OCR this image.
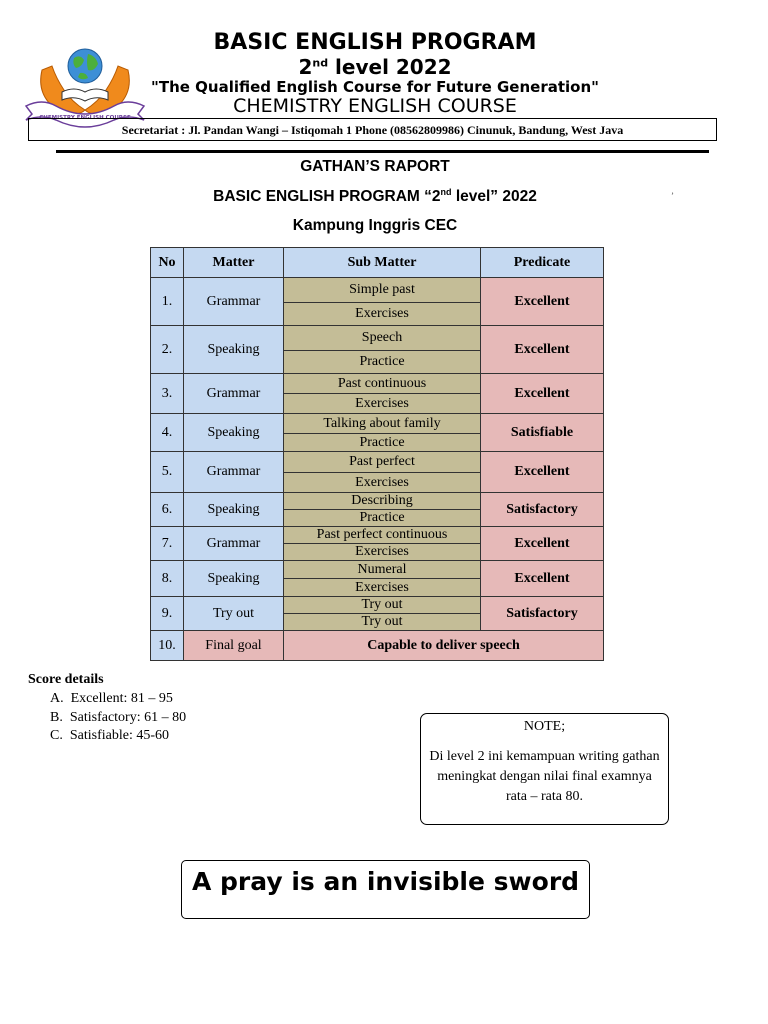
CHEMISTRY ENGLISH COURSE
BASIC ENGLISH PROGRAM
2nd level 2022
"The Qualified English Course for Future Generation"
CHEMISTRY ENGLISH COURSE
Secretariat : Jl. Pandan Wangi – Istiqomah 1 Phone (08562809986) Cinunuk, Bandung, West Java
GATHAN’S RAPORT
BASIC ENGLISH PROGRAM “2nd level” 2022
Kampung Inggris CEC
’
No	Matter	Sub Matter	Predicate
1.	Grammar	Simple past	Excellent
		Exercises	
2.	Speaking	Speech	Excellent
		Practice	
3.	Grammar	Past continuous	Excellent
		Exercises	
4.	Speaking	Talking about family	Satisfiable
		Practice	
5.	Grammar	Past perfect	Excellent
		Exercises	
6.	Speaking	Describing	Satisfactory
		Practice	
7.	Grammar	Past perfect continuous	Excellent
		Exercises	
8.	Speaking	Numeral	Excellent
		Exercises	
9.	Try out	Try out	Satisfactory
		Try out	
10.	Final goal	Capable to deliver speech	
Score details
A. Excellent: 81 – 95
B. Satisfactory: 61 – 80
C. Satisfiable: 45-60
NOTE;
Di level 2 ini kemampuan writing gathan meningkat dengan nilai final examnya rata – rata 80.
A pray is an invisible sword
